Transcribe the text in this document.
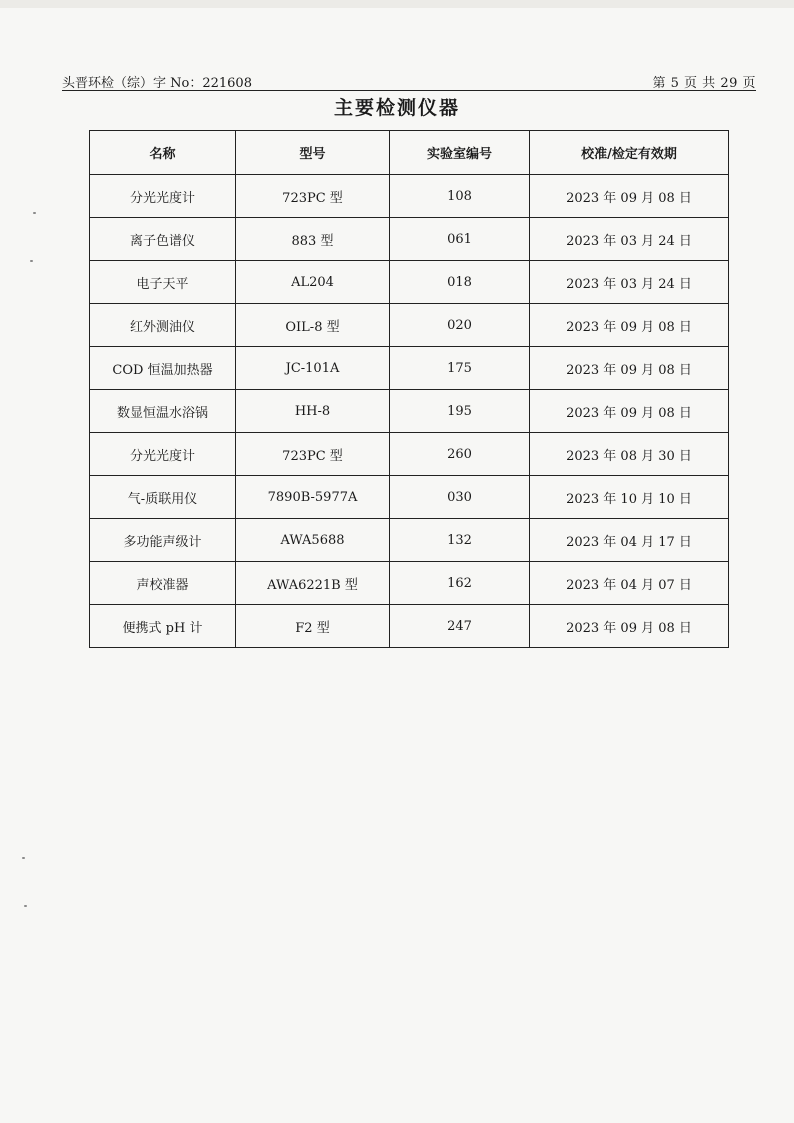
头晋环检（综）字 No：221608	第 5 页 共 29 页
主要检测仪器
名称	型号	实验室编号	校准/检定有效期
分光光度计	723PC 型	108	2023 年 09 月 08 日
离子色谱仪	883 型	061	2023 年 03 月 24 日
电子天平	AL204	018	2023 年 03 月 24 日
红外测油仪	OIL-8 型	020	2023 年 09 月 08 日
COD 恒温加热器	JC-101A	175	2023 年 09 月 08 日
数显恒温水浴锅	HH-8	195	2023 年 09 月 08 日
分光光度计	723PC 型	260	2023 年 08 月 30 日
气-质联用仪	7890B-5977A	030	2023 年 10 月 10 日
多功能声级计	AWA5688	132	2023 年 04 月 17 日
声校准器	AWA6221B 型	162	2023 年 04 月 07 日
便携式 pH 计	F2 型	247	2023 年 09 月 08 日
